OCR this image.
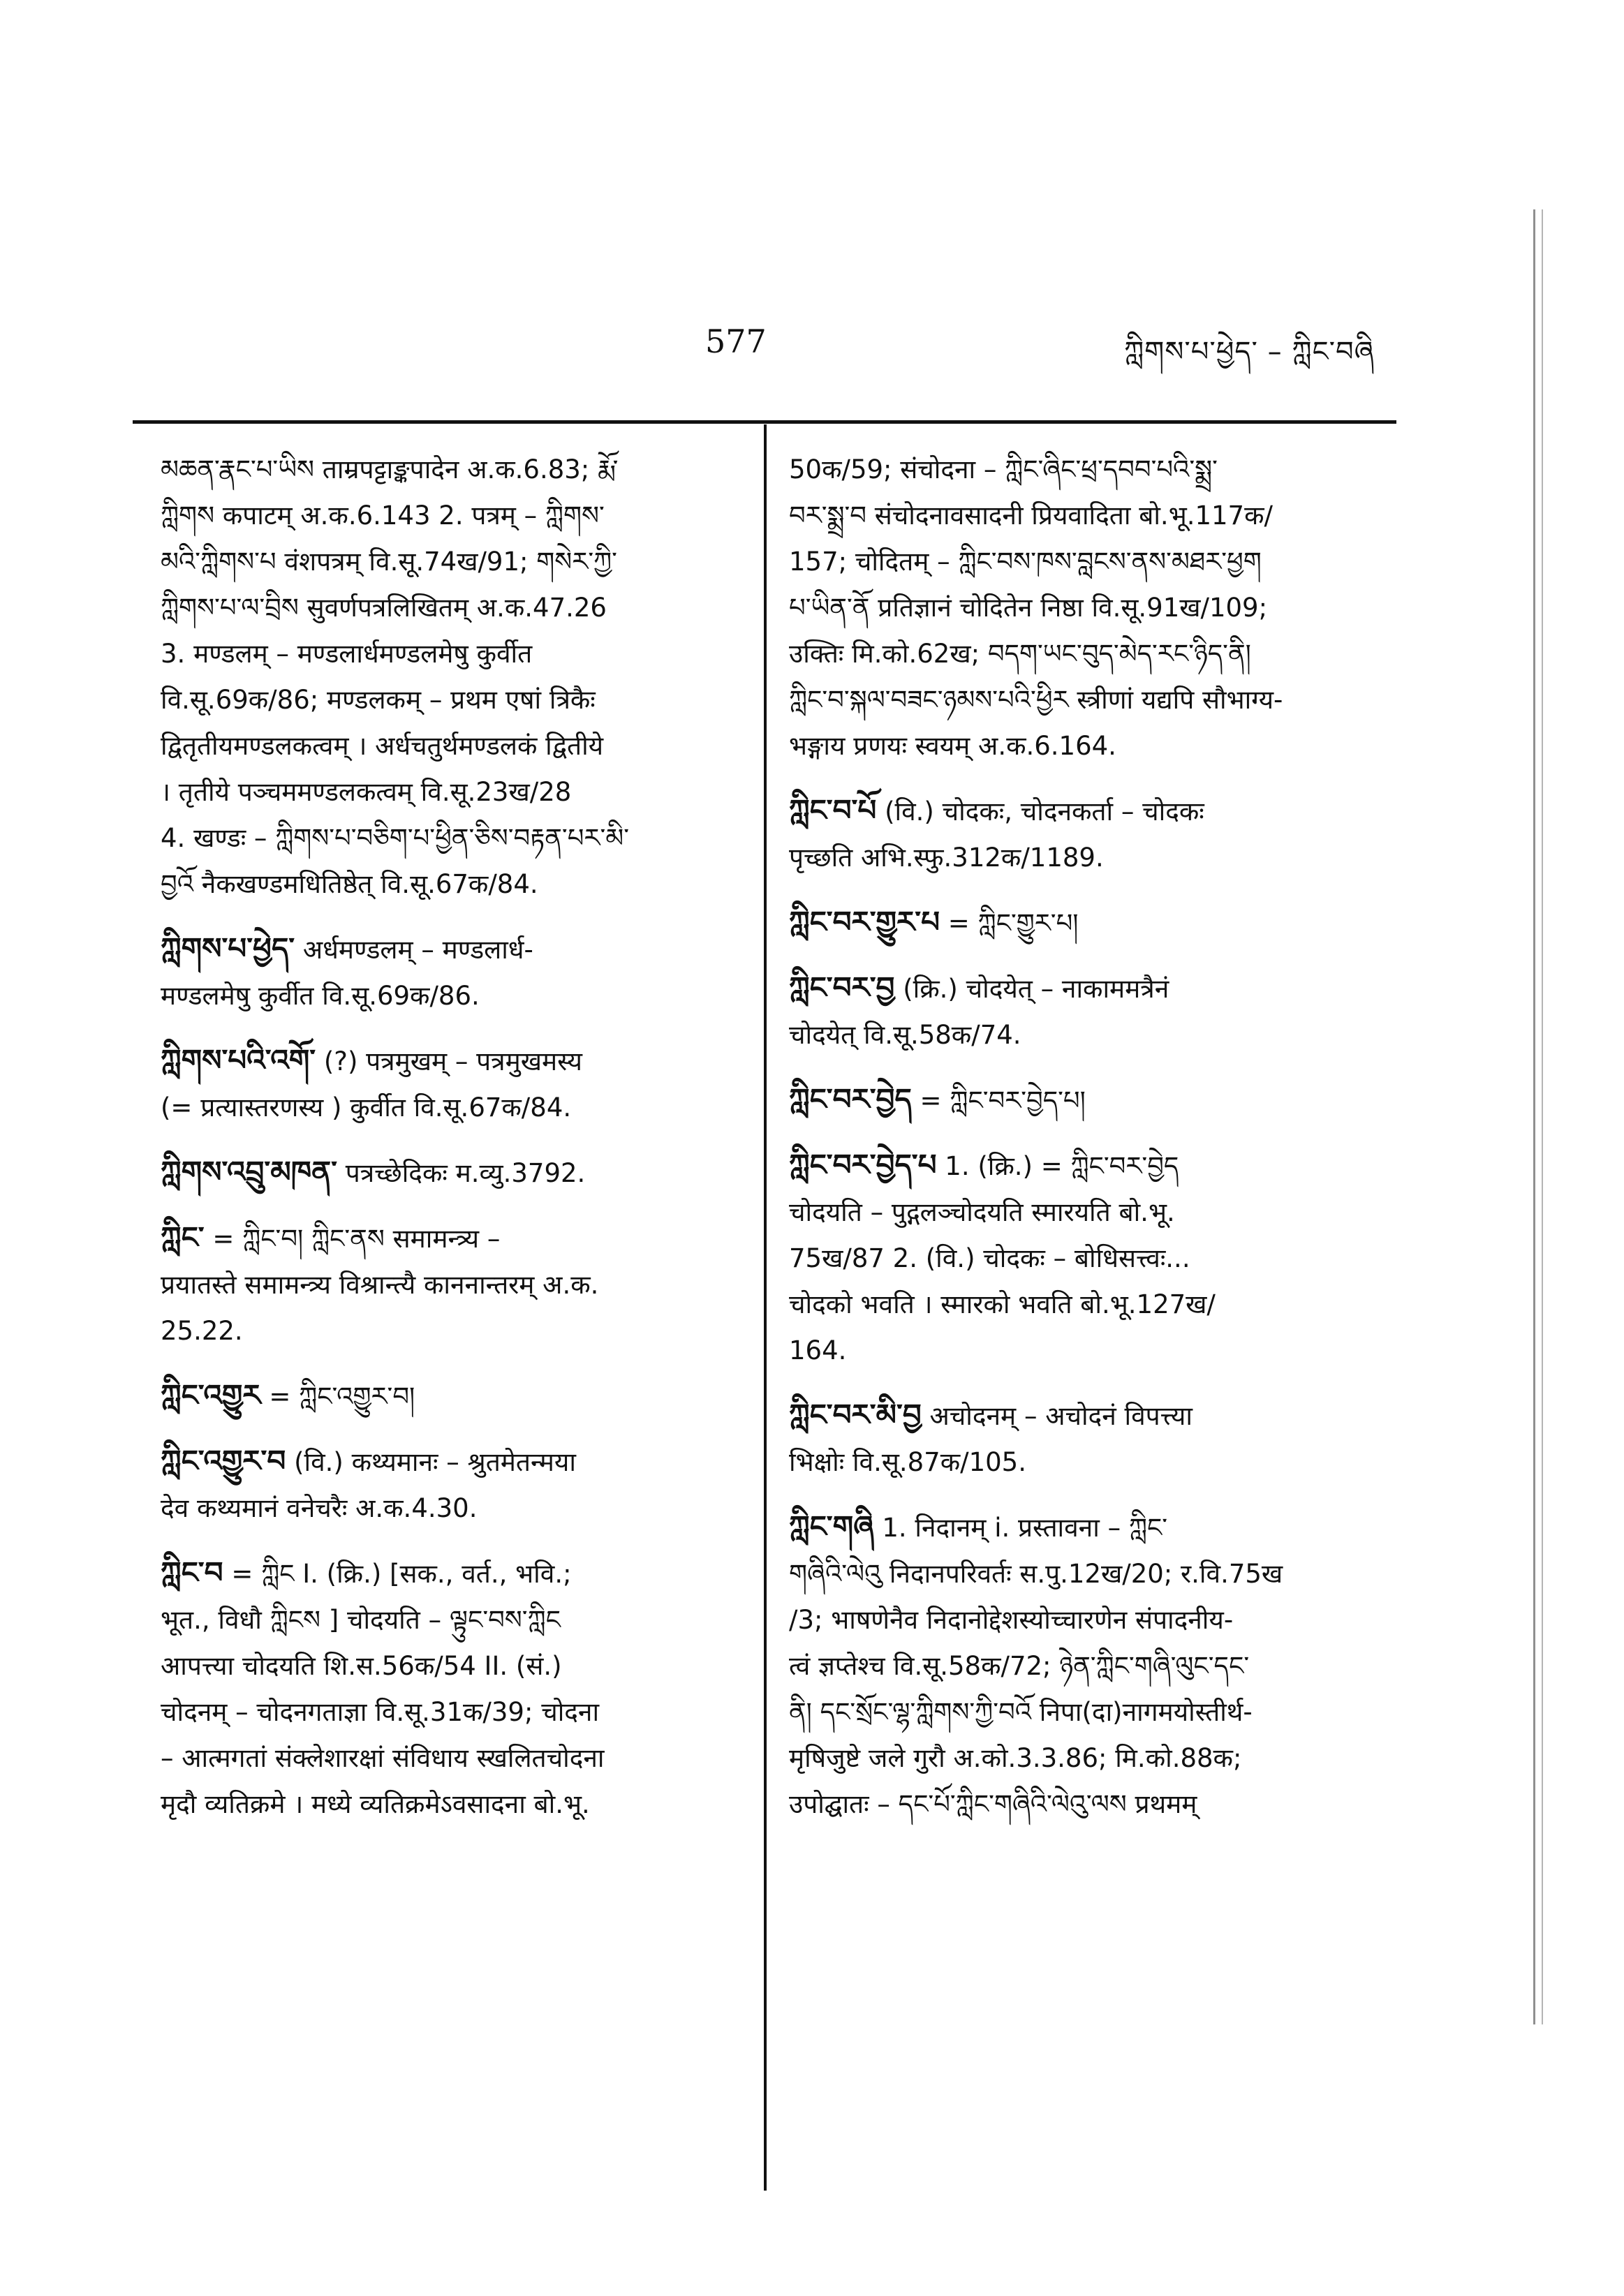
577	ཀླིགས་པ་ཕྱེད་ – ཀླིང་བཞི
མཆན་རྣང་པ་ཡིས ताम्रपट्टाङ्कपादेन अ.क.6.83; རྨོ་
ཀླིགས कपाटम् अ.क.6.143 2. पत्रम् – ཀླིགས་
མའི་ཀླིགས་པ वंशपत्रम् वि.सू.74ख/91; གསེར་ཀྱི་
ཀླིགས་པ་ལ་བྲིས सुवर्णपत्रलिखितम् अ.क.47.26
3. मण्डलम् – मण्डलार्धमण्डलमेषु कुर्वीत
वि.सू.69क/86; मण्डलकम् – प्रथम एषां त्रिकैः
द्वितृतीयमण्डलकत्वम् । अर्धचतुर्थमण्डलकं द्वितीये
। तृतीये पञ्चममण्डलकत्वम् वि.सू.23ख/28
4. खण्डः – ཀླིགས་པ་བཅིག་པ་ཕྱིན་ཅིས་བརྟན་པར་མི་
བྱའོ नैकखण्डमधितिष्ठेत् वि.सू.67क/84.
ཀླིགས་པ་ཕྱེད་ अर्धमण्डलम् – मण्डलार्ध-
मण्डलमेषु कुर्वीत वि.सू.69क/86.
ཀླིགས་པའི་འགོ་ (?) पत्रमुखम् – पत्रमुखमस्य
(= प्रत्यास्तरणस्य ) कुर्वीत वि.सू.67क/84.
ཀླིགས་འབྲུ་མཁན་ पत्रच्छेदिकः म.व्यु.3792.
ཀླིང་ = ཀླིང་བ། ཀླིང་ནས समामन्त्र्य –
प्रयातस्ते समामन्त्र्य विश्रान्त्यै काननान्तरम् अ.क.
25.22.
ཀླིང་འགྱུར = ཀླིང་འགྱུར་བ།
ཀླིང་འགྱུར་བ (वि.) कथ्यमानः – श्रुतमेतन्मया
देव कथ्यमानं वनेचरैः अ.क.4.30.
ཀླིང་བ = ཀླིང I. (क्रि.) [सक., वर्त., भवि.;
भूत., विधौ ཀླིངས ] चोदयति – ལྟུང་བས་ཀླིང
आपत्त्या चोदयति शि.स.56क/54 II. (सं.)
चोदनम् – चोदनगताज्ञा वि.सू.31क/39; चोदना
– आत्मगतां संक्लेशारक्षां संविधाय स्खलितचोदना
मृदौ व्यतिक्रमे । मध्ये व्यतिक्रमेऽवसादना बो.भू.
50क/59; संचोदना – ཀླིང་ཞིང་ཕྲ་དབབ་པའི་སྨྲ་
བར་སྨྲ་བ संचोदनावसादनी प्रियवादिता बो.भू.117क/
157; चोदितम् – ཀླིང་བས་ཁས་བླངས་ནས་མཐར་ཕྱག
པ་ཡིན་ནོ प्रतिज्ञानं चोदितेन निष्ठा वि.सू.91ख/109;
उक्तिः मि.को.62ख; བདག་ཡང་བུད་མེད་རང་ཉིད་ནི།
ཀླིང་བ་སྐལ་བཟང་ཉམས་པའི་ཕྱིར स्त्रीणां यद्यपि सौभाग्य-
भङ्गाय प्रणयः स्वयम् अ.क.6.164.
ཀླིང་བ་པོ (वि.) चोदकः, चोदनकर्ता – चोदकः
पृच्छति अभि.स्फु.312क/1189.
ཀླིང་བར་གྱུར་པ = ཀླིང་གྱུར་པ།
ཀླིང་བར་བྱ (क्रि.) चोदयेत् – नाकाममत्रैनं
चोदयेत् वि.सू.58क/74.
ཀླིང་བར་བྱེད = ཀླིང་བར་བྱེད་པ།
ཀླིང་བར་བྱེད་པ 1. (क्रि.) = ཀླིང་བར་བྱེད
चोदयति – पुद्गलञ्चोदयति स्मारयति बो.भू.
75ख/87 2. (वि.) चोदकः – बोधिसत्त्वः...
चोदको भवति । स्मारको भवति बो.भू.127ख/
164.
ཀླིང་བར་མི་བྱ अचोदनम् – अचोदनं विपत्त्या
भिक्षोः वि.सू.87क/105.
ཀླིང་གཞི 1. निदानम् i. प्रस्तावना – ཀླིང་
གཞིའི་ལེའུ निदानपरिवर्तः स.पु.12ख/20; र.वि.75ख
/3; भाषणेनैव निदानोद्देशस्योच्चारणेन संपादनीय-
त्वं ज्ञप्तेश्च वि.सू.58क/72; ཉེན་ཀླིང་གཞི་ལུང་དང་
ནི། དང་སྲོང་ལྷ་ཀླིགས་ཀྱི་བའོ निपा(दा)नागमयोस्तीर्थ-
मृषिजुष्टे जले गुरौ अ.को.3.3.86; मि.को.88क;
उपोद्घातः – དང་པོ་ཀླིང་གཞིའི་ལེའུ་ལས प्रथमम्
